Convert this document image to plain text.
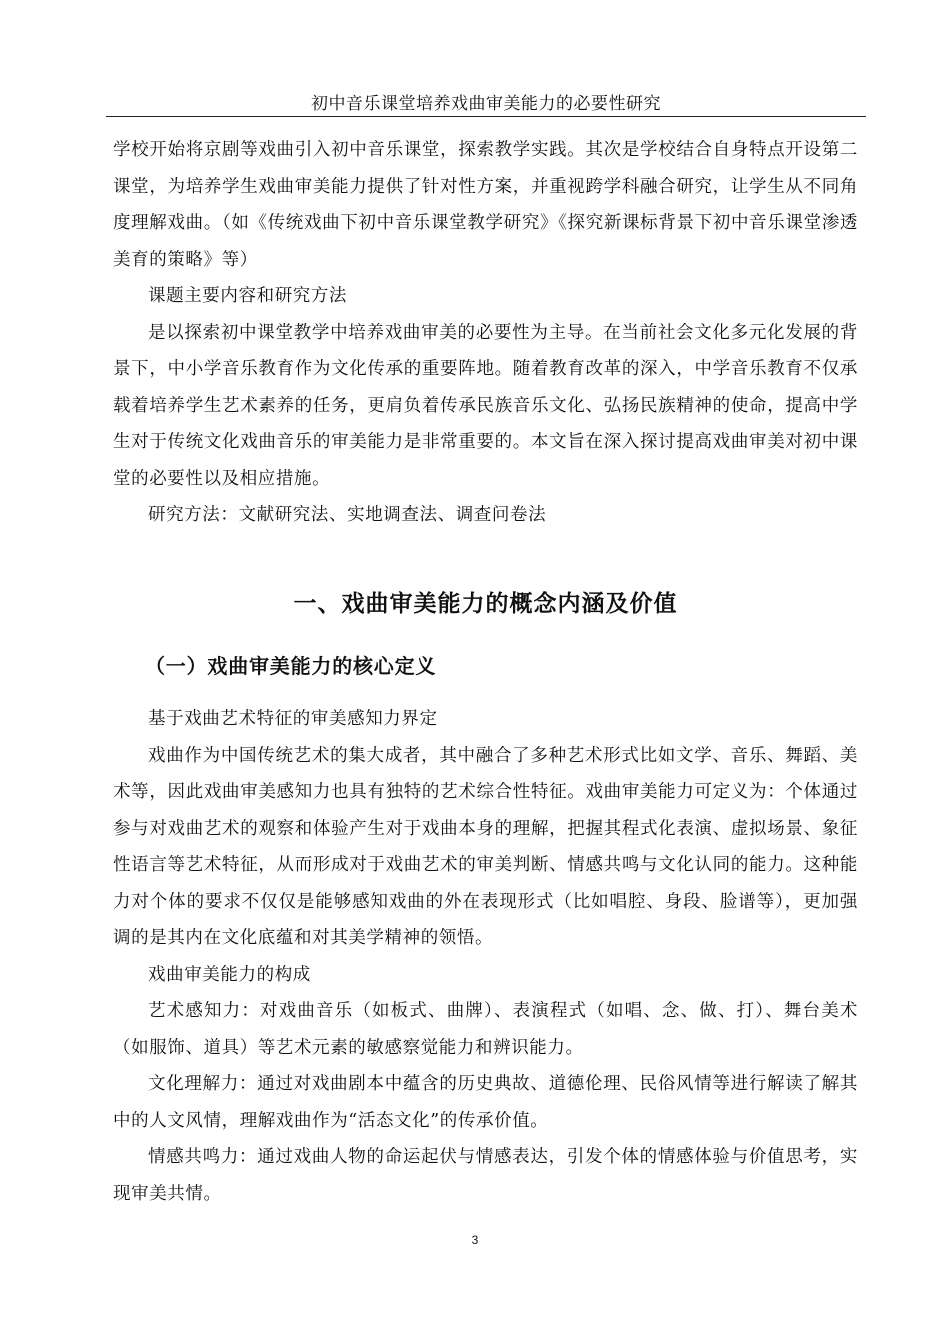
初中音乐课堂培养戏曲审美能力的必要性研究

学校开始将京剧等戏曲引入初中音乐课堂，探索教学实践。其次是学校结合自身特点开设第二课堂，为培养学生戏曲审美能力提供了针对性方案，并重视跨学科融合研究，让学生从不同角度理解戏曲。（如《传统戏曲下初中音乐课堂教学研究》《探究新课标背景下初中音乐课堂渗透美育的策略》等）

课题主要内容和研究方法

是以探索初中课堂教学中培养戏曲审美的必要性为主导。在当前社会文化多元化发展的背景下，中小学音乐教育作为文化传承的重要阵地。随着教育改革的深入，中学音乐教育不仅承载着培养学生艺术素养的任务，更肩负着传承民族音乐文化、弘扬民族精神的使命，提高中学生对于传统文化戏曲音乐的审美能力是非常重要的。本文旨在深入探讨提高戏曲审美对初中课堂的必要性以及相应措施。

研究方法：文献研究法、实地调查法、调查问卷法

一、戏曲审美能力的概念内涵及价值
（一）戏曲审美能力的核心定义

基于戏曲艺术特征的审美感知力界定

戏曲作为中国传统艺术的集大成者，其中融合了多种艺术形式比如文学、音乐、舞蹈、美术等，因此戏曲审美感知力也具有独特的艺术综合性特征。戏曲审美能力可定义为：个体通过参与对戏曲艺术的观察和体验产生对于戏曲本身的理解，把握其程式化表演、虚拟场景、象征性语言等艺术特征，从而形成对于戏曲艺术的审美判断、情感共鸣与文化认同的能力。这种能力对个体的要求不仅仅是能够感知戏曲的外在表现形式（比如唱腔、身段、脸谱等），更加强调的是其内在文化底蕴和对其美学精神的领悟。

戏曲审美能力的构成

艺术感知力：对戏曲音乐（如板式、曲牌）、表演程式（如唱、念、做、打）、舞台美术（如服饰、道具）等艺术元素的敏感察觉能力和辨识能力。

文化理解力：通过对戏曲剧本中蕴含的历史典故、道德伦理、民俗风情等进行解读了解其中的人文风情，理解戏曲作为“活态文化”的传承价值。

情感共鸣力：通过戏曲人物的命运起伏与情感表达，引发个体的情感体验与价值思考，实现审美共情。

3
